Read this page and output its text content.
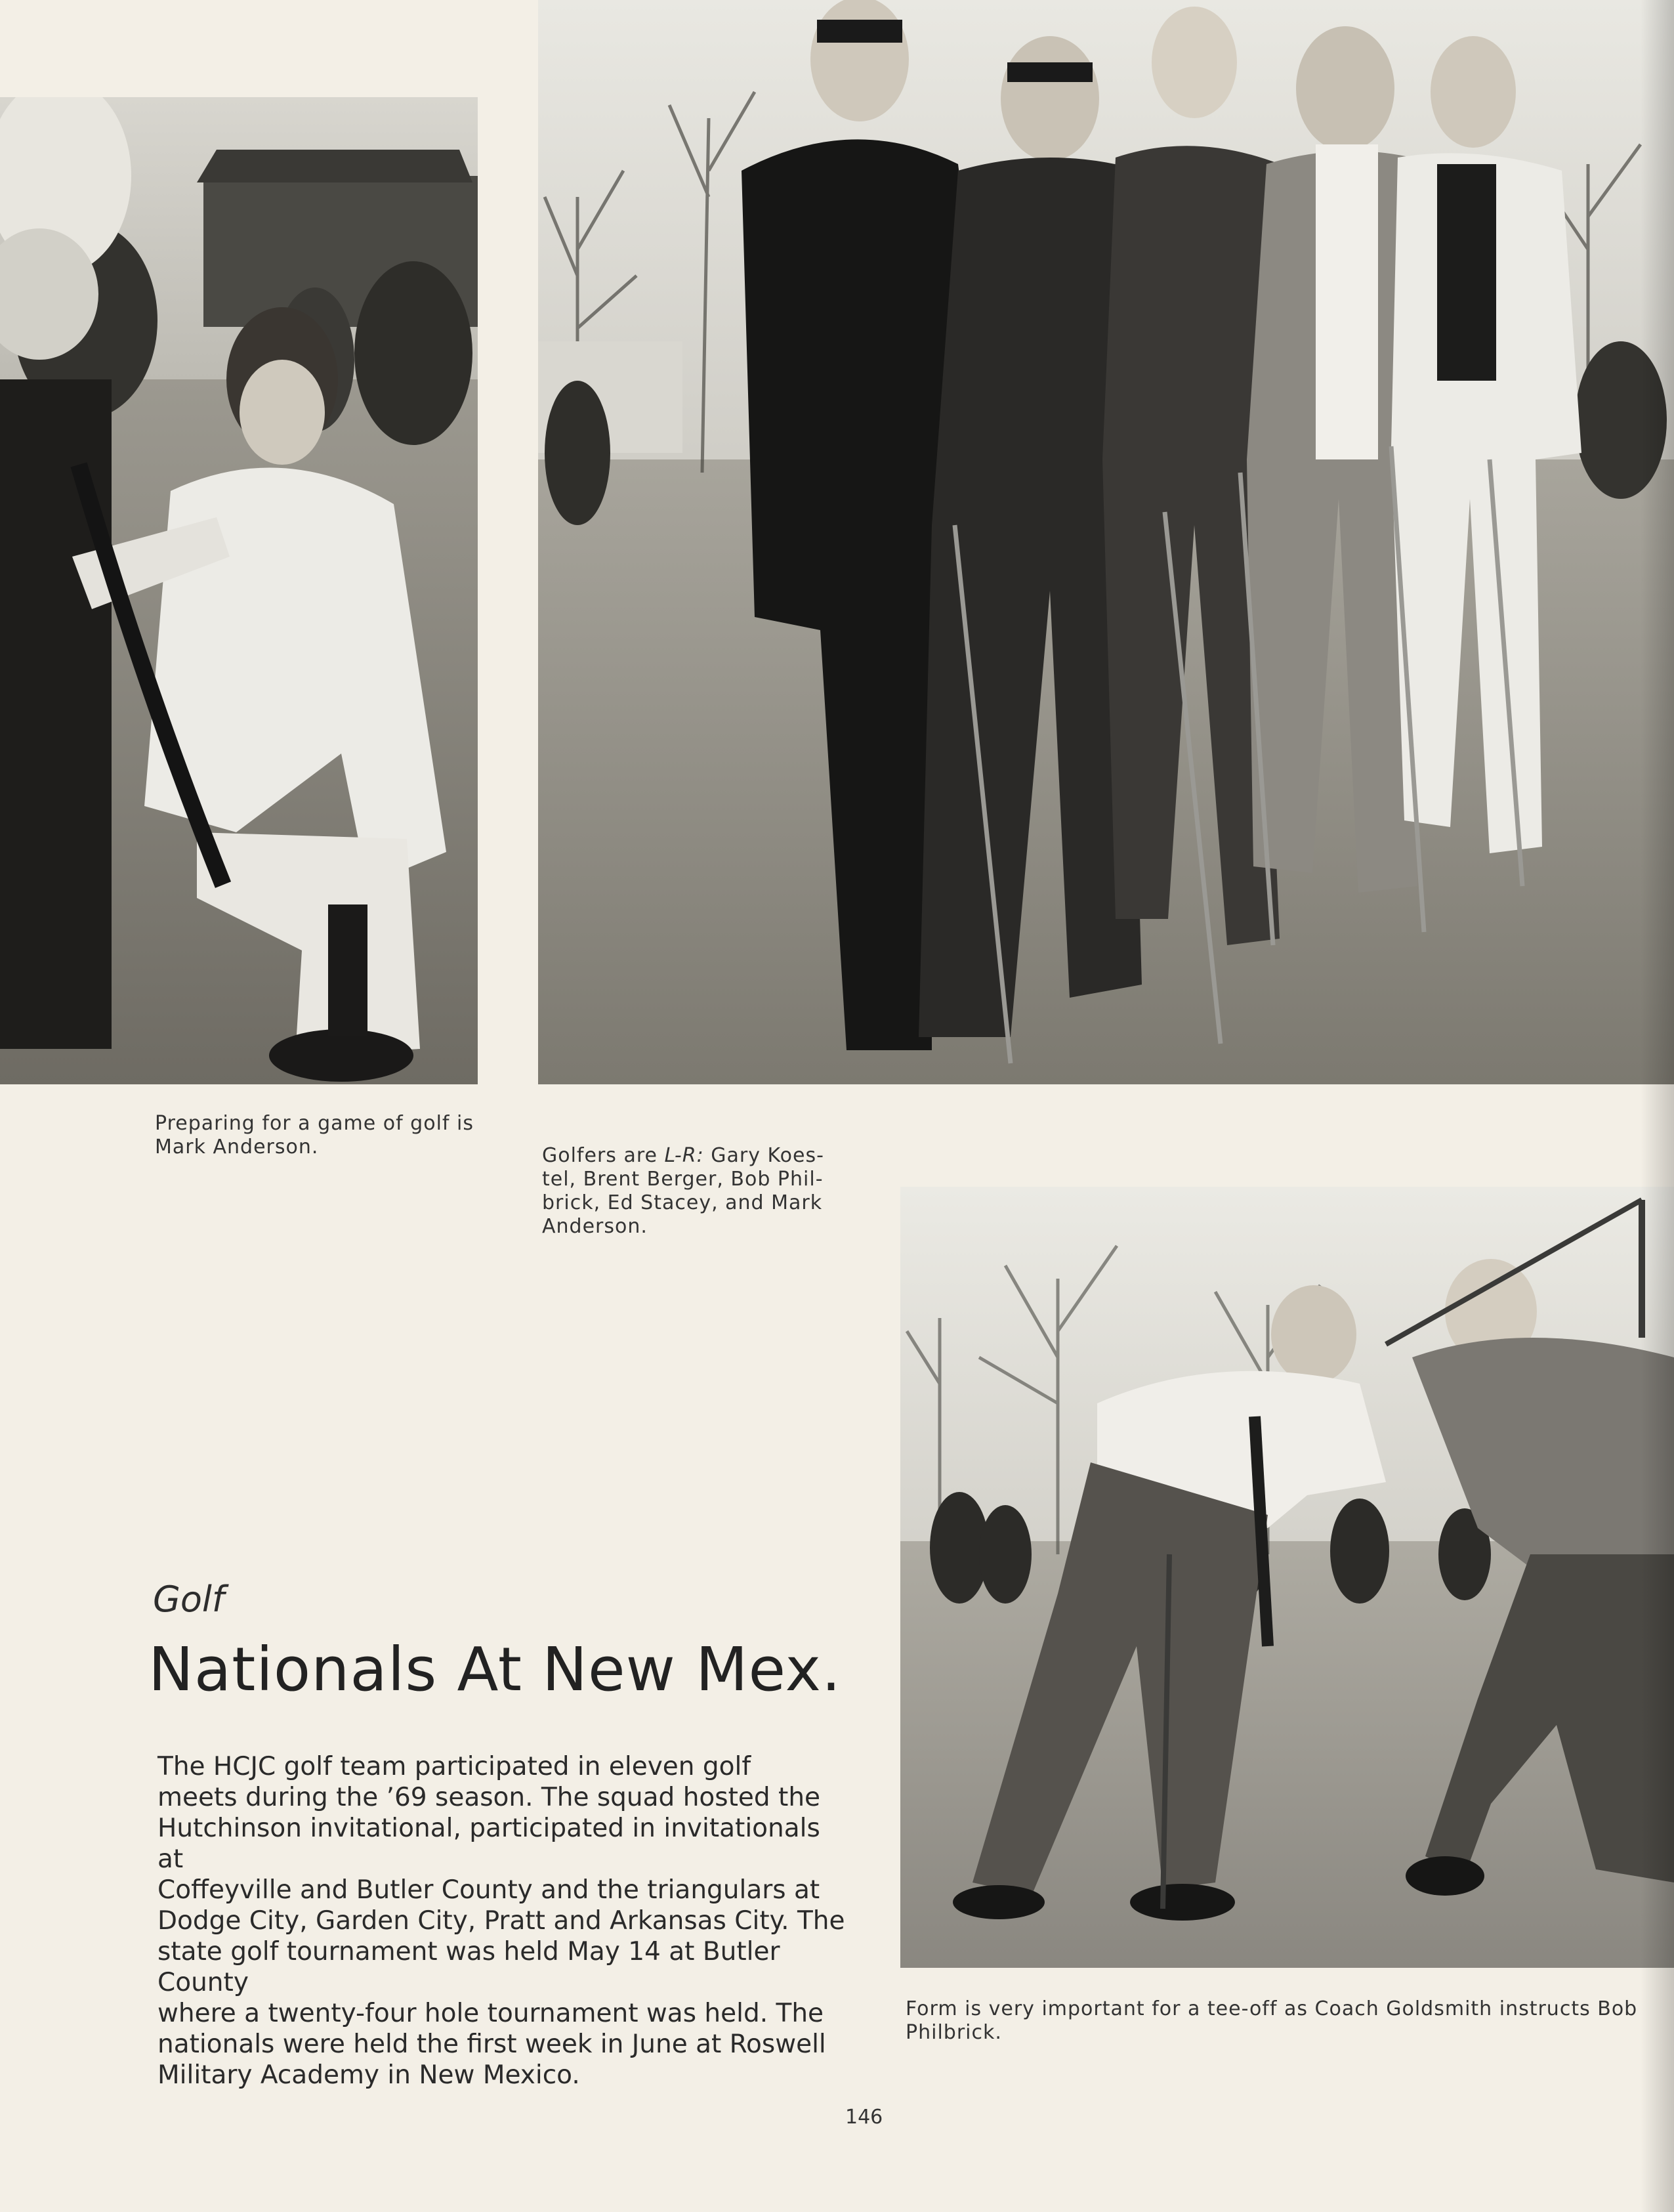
Preparing for a game of golf is
Mark Anderson.	Golfers are L-R: Gary Koes-
tel, Brent Berger, Bob Phil-
brick, Ed Stacey, and Mark
Anderson.
Form is very important for a tee-off as Coach Goldsmith instructs Bob
Philbrick.
Golf
Nationals At New Mex.
The HCJC golf team participated in eleven golf
meets during the ’69 season. The squad hosted the
Hutchinson invitational, participated in invitationals at
Coffeyville and Butler County and the triangulars at
Dodge City, Garden City, Pratt and Arkansas City. The
state golf tournament was held May 14 at Butler County
where a twenty-four hole tournament was held. The
nationals were held the first week in June at Roswell
Military Academy in New Mexico.
146
